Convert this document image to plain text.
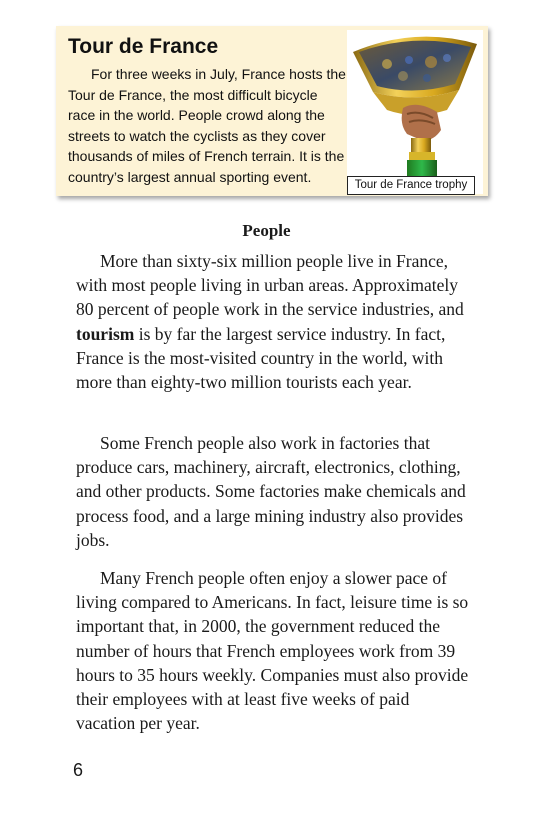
Tour de France

For three weeks in July, France hosts the Tour de France, the most difficult bicycle race in the world. People crowd along the streets to watch the cyclists as they cover thousands of miles of French terrain. It is the country’s largest annual sporting event.

Tour de France trophy
People

More than sixty-six million people live in France, with most people living in urban areas. Approximately 80 percent of people work in the service industries, and tourism is by far the largest service industry. In fact, France is the most-visited country in the world, with more than eighty-two million tourists each year.

Some French people also work in factories that produce cars, machinery, aircraft, electronics, clothing, and other products. Some factories make chemicals and process food, and a large mining industry also provides jobs.

Many French people often enjoy a slower pace of living compared to Americans. In fact, leisure time is so important that, in 2000, the government reduced the number of hours that French employees work from 39 hours to 35 hours weekly. Companies must also provide their employees with at least five weeks of paid vacation per year.

6
